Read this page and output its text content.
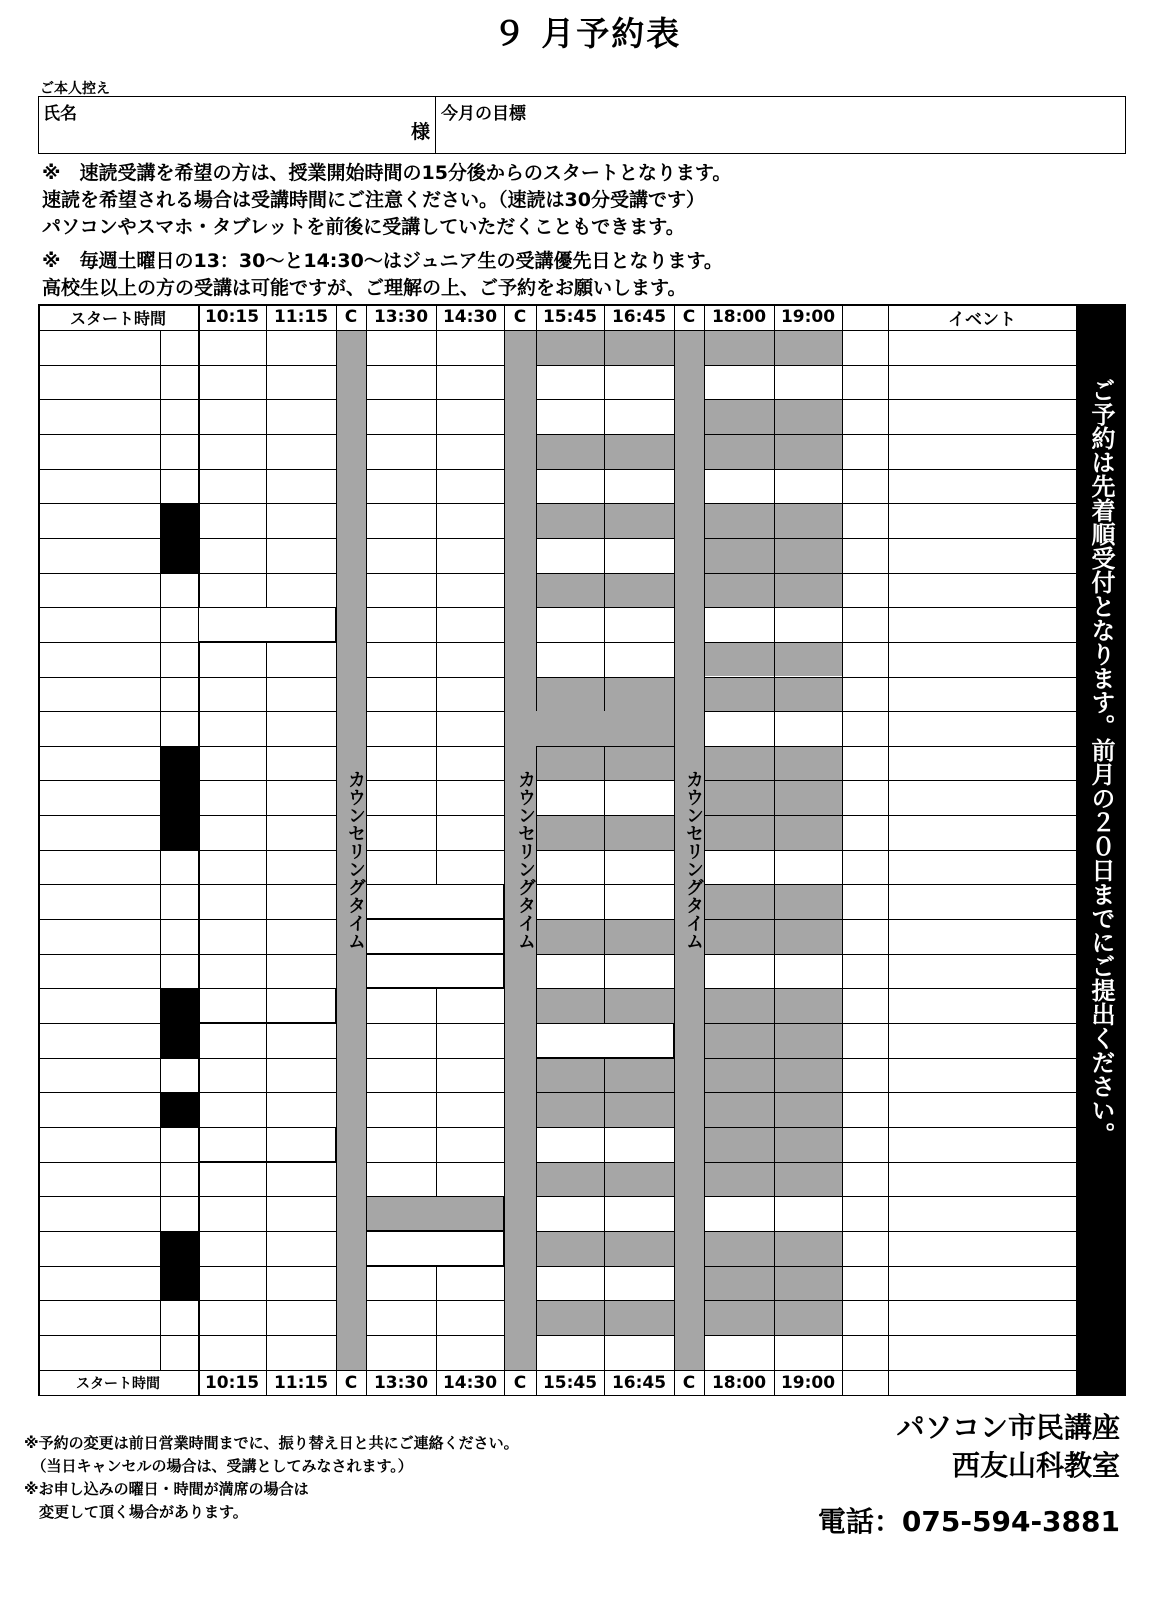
９ 月予約表
ご本人控え
氏名
様
今月の目標
※　速読受講を希望の方は、授業開始時間の15分後からのスタートとなります。
速読を希望される場合は受講時間にご注意ください。（速読は30分受講です）
パソコンやスマホ・タブレットを前後に受講していただくこともできます。
※　毎週土曜日の13：30～と14:30～はジュニア生の受講優先日となります。
高校生以上の方の受講は可能ですが、ご理解の上、ご予約をお願いします。
スタート時間	10:15 11:15 C 13:30 14:30 C 15:45 16:45 C 18:00 19:00	イベント
スタート時間	10:15 11:15 C 13:30 14:30 C 15:45 16:45 C 18:00 19:00
カウンセリングタイム	カウンセリングタイム	カウンセリングタイム	ご予約は先着順受付となります。前月の２０日までにご提出ください。
※予約の変更は前日営業時間までに、振り替え日と共にご連絡ください。
　（当日キャンセルの場合は、受講としてみなされます。）
※お申し込みの曜日・時間が満席の場合は
　変更して頂く場合があります。
パソコン市民講座
西友山科教室
電話：075-594-3881
